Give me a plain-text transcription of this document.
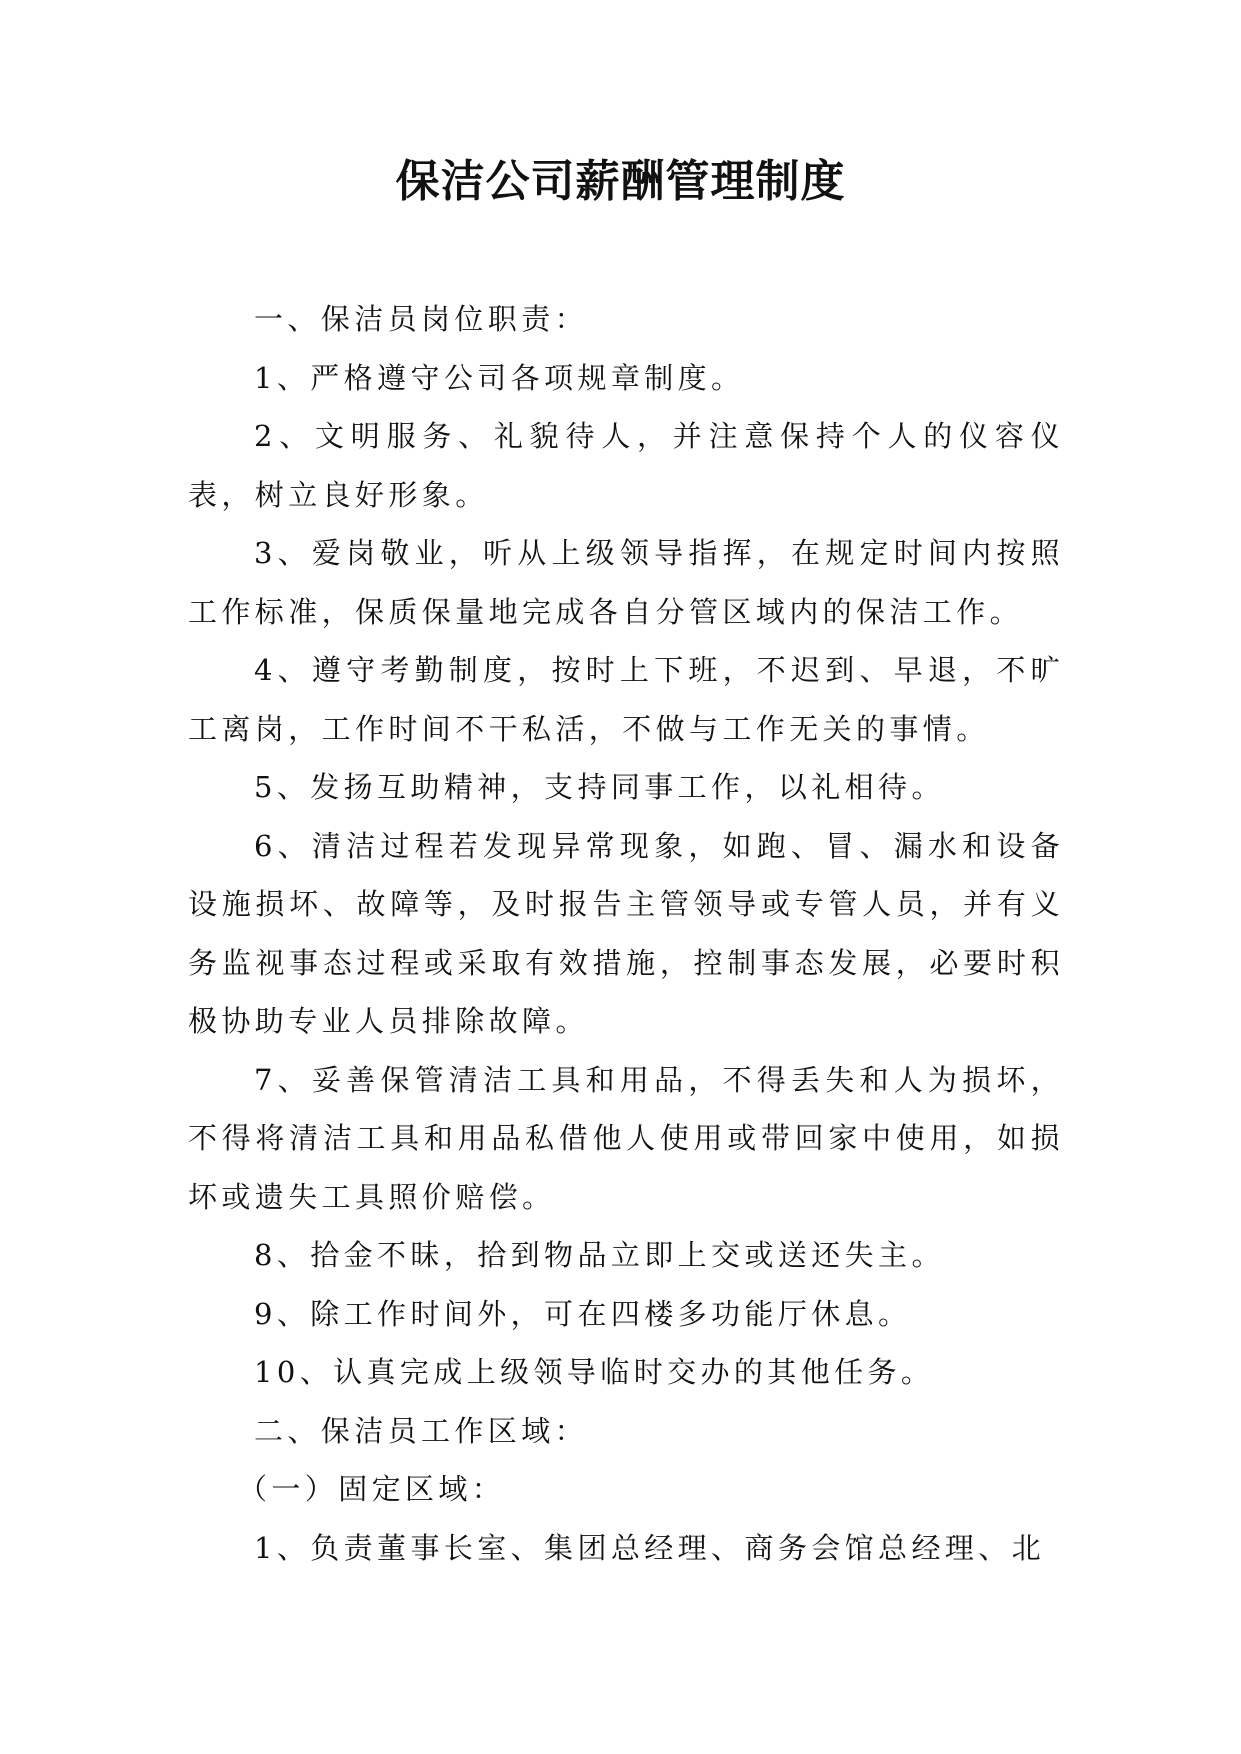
保洁公司薪酬管理制度

一、保洁员岗位职责：

1、严格遵守公司各项规章制度。

2、文明服务、礼貌待人，并注意保持个人的仪容仪表，树立良好形象。

3、爱岗敬业，听从上级领导指挥，在规定时间内按照工作标准，保质保量地完成各自分管区域内的保洁工作。

4、遵守考勤制度，按时上下班，不迟到、早退，不旷工离岗，工作时间不干私活，不做与工作无关的事情。

5、发扬互助精神，支持同事工作，以礼相待。

6、清洁过程若发现异常现象，如跑、冒、漏水和设备设施损坏、故障等，及时报告主管领导或专管人员，并有义务监视事态过程或采取有效措施，控制事态发展，必要时积极协助专业人员排除故障。

7、妥善保管清洁工具和用品，不得丢失和人为损坏，不得将清洁工具和用品私借他人使用或带回家中使用，如损坏或遗失工具照价赔偿。

8、拾金不昧，拾到物品立即上交或送还失主。

9、除工作时间外，可在四楼多功能厅休息。

10、认真完成上级领导临时交办的其他任务。

二、保洁员工作区域：

（一）固定区域：

1、负责董事长室、集团总经理、商务会馆总经理、北
